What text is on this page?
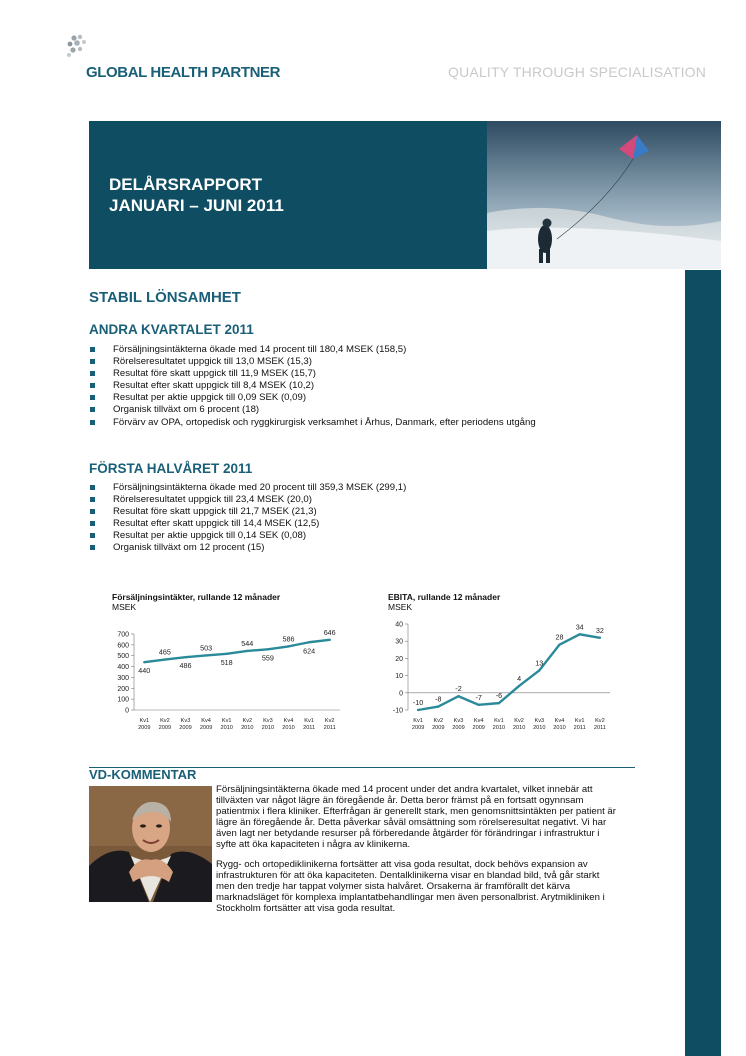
GLOBAL HEALTH PARTNER	QUALITY THROUGH SPECIALISATION
DELÅRSRAPPORT
JANUARI – JUNI 2011
STABIL LÖNSAMHET
ANDRA KVARTALET 2011
Försäljningsintäkterna ökade med 14 procent till 180,4 MSEK (158,5)
Rörelseresultatet uppgick till 13,0 MSEK (15,3)
Resultat före skatt uppgick till 11,9 MSEK (15,7)
Resultat efter skatt uppgick till 8,4 MSEK (10,2)
Resultat per aktie uppgick till 0,09 SEK (0,09)
Organisk tillväxt om 6 procent (18)
Förvärv av OPA, ortopedisk och ryggkirurgisk verksamhet i Århus, Danmark, efter periodens utgång
FÖRSTA HALVÅRET 2011
Försäljningsintäkterna ökade med 20 procent till 359,3 MSEK (299,1)
Rörelseresultatet uppgick till 23,4 MSEK (20,0)
Resultat före skatt uppgick till 21,7 MSEK (21,3)
Resultat efter skatt uppgick till 14,4 MSEK (12,5)
Resultat per aktie uppgick till 0,14 SEK (0,08)
Organisk tillväxt om 12 procent (15)
Försäljningsintäkter, rullande 12 månader
MSEK
0
100
200
300
400
500
600
700
Kv1
2009
Kv2
2009
Kv3
2009
Kv4
2009
Kv1
2010
Kv2
2010
Kv3
2010
Kv4
2010
Kv1
2011
Kv2
2011
440
465
486
503
518
544
559
586
624
646
EBITA, rullande 12 månader
MSEK
-10
0
10
20
30
40
Kv1
2009
Kv2
2009
Kv3
2009
Kv4
2009
Kv1
2010
Kv2
2010
Kv3
2010
Kv4
2010
Kv1
2011
Kv2
2011
-10 -8
-2
-7 -6
4
13
28
34 32
VD-KOMMENTAR

Försäljningsintäkterna ökade med 14 procent under det andra kvartalet, vilket innebär att tillväxten var något lägre än föregående år. Detta beror främst på en fortsatt ogynnsam patientmix i flera kliniker. Efterfrågan är generellt stark, men genomsnittsintäkten per patient är lägre än föregående år. Detta påverkar såväl omsättning som rörelseresultat negativt. Vi har även lagt ner betydande resurser på förberedande åtgärder för förändringar i infrastruktur i syfte att öka kapaciteten i några av klinikerna.

Rygg- och ortopediklinikerna fortsätter att visa goda resultat, dock behövs expansion av infrastrukturen för att öka kapaciteten. Dentalklinikerna visar en blandad bild, två går starkt men den tredje har tappat volymer sista halvåret. Orsakerna är framförallt det kärva marknadsläget för komplexa implantatbehandlingar men även personalbrist. Arytmikliniken i Stockholm fortsätter att visa goda resultat.
